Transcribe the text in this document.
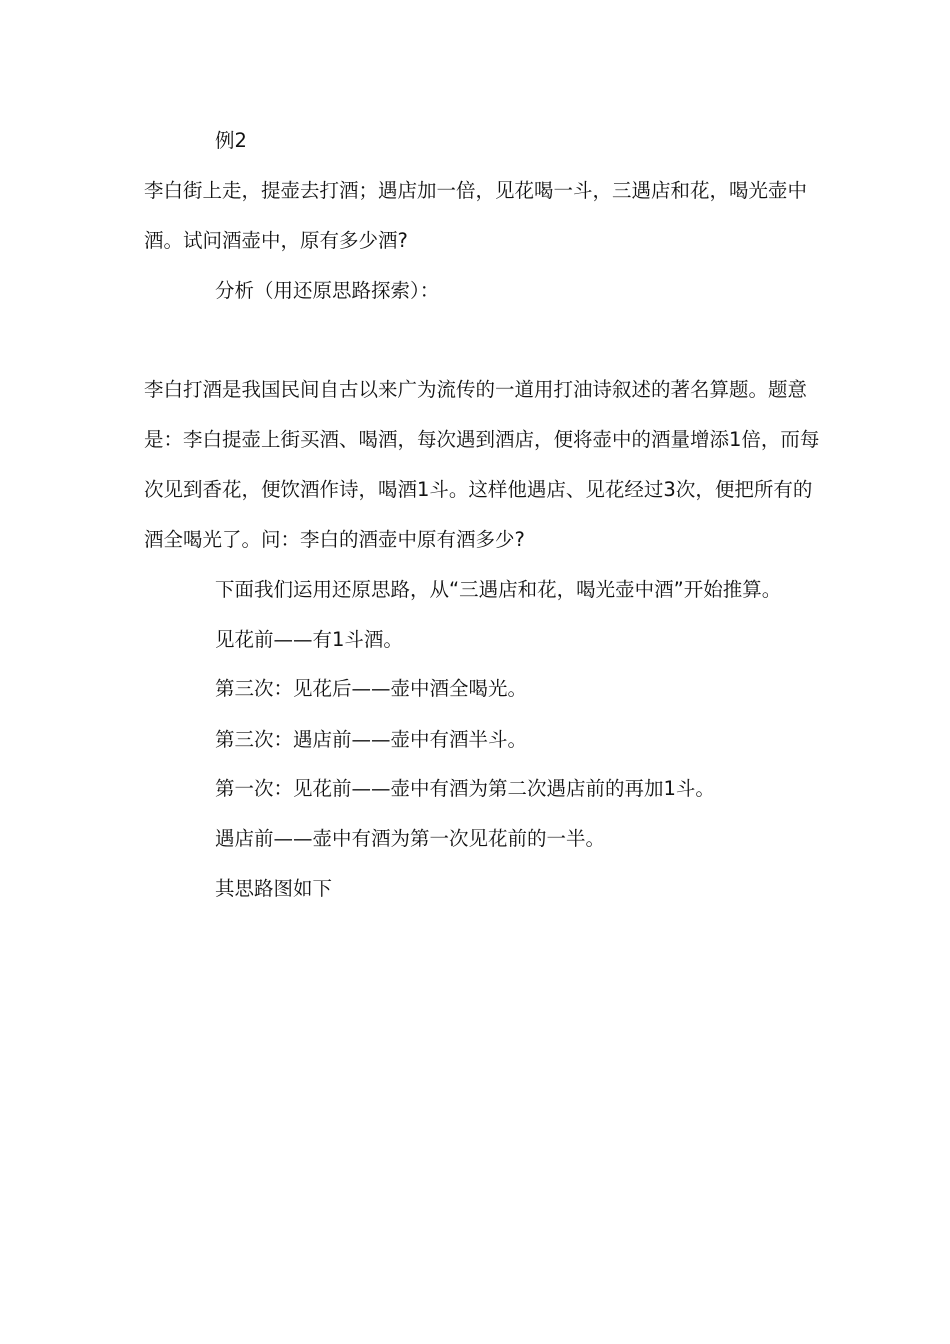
例2
李白街上走，提壶去打酒；遇店加一倍，见花喝一斗，三遇店和花，喝光壶中
酒。试问酒壶中，原有多少酒?
分析（用还原思路探索）：
李白打酒是我国民间自古以来广为流传的一道用打油诗叙述的著名算题。题意
是：李白提壶上街买酒、喝酒，每次遇到酒店，便将壶中的酒量增添1倍，而每
次见到香花，便饮酒作诗，喝酒1斗。这样他遇店、见花经过3次，便把所有的
酒全喝光了。问：李白的酒壶中原有酒多少?
下面我们运用还原思路，从“三遇店和花，喝光壶中酒”开始推算。
见花前——有1斗酒。
第三次：见花后——壶中酒全喝光。
第三次：遇店前——壶中有酒半斗。
第一次：见花前——壶中有酒为第二次遇店前的再加1斗。
遇店前——壶中有酒为第一次见花前的一半。
其思路图如下
